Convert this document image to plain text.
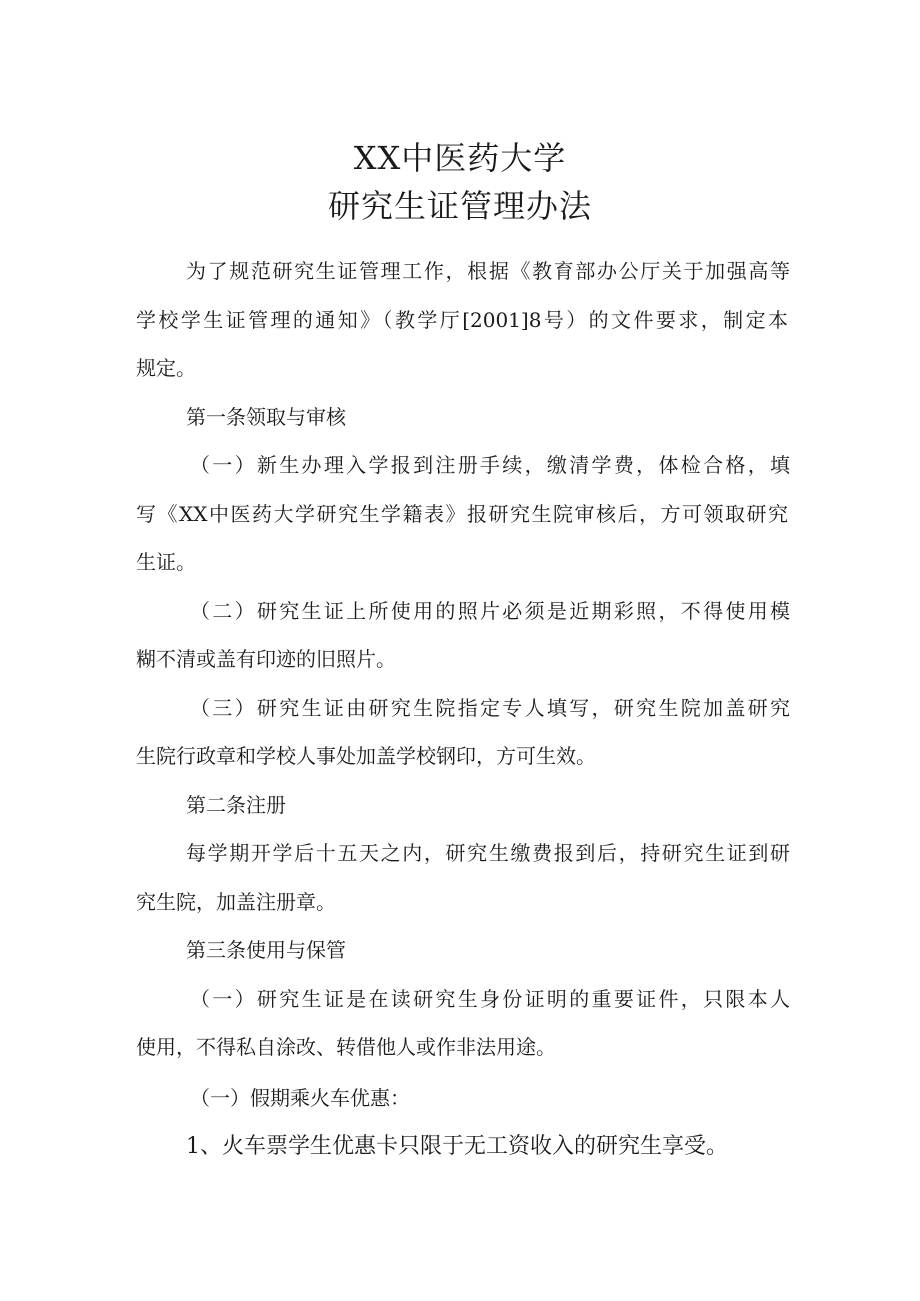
XX中医药大学
研究生证管理办法

为了规范研究生证管理工作，根据《教育部办公厅关于加强高等

学校学生证管理的通知》（教学厅[2001]8号）的文件要求，制定本

规定。

第一条领取与审核

（一）新生办理入学报到注册手续，缴清学费，体检合格，填

写《XX中医药大学研究生学籍表》报研究生院审核后，方可领取研究

生证。

（二）研究生证上所使用的照片必须是近期彩照，不得使用模

糊不清或盖有印迹的旧照片。

（三）研究生证由研究生院指定专人填写，研究生院加盖研究

生院行政章和学校人事处加盖学校钢印，方可生效。

第二条注册

每学期开学后十五天之内，研究生缴费报到后，持研究生证到研

究生院，加盖注册章。

第三条使用与保管

（一）研究生证是在读研究生身份证明的重要证件，只限本人

使用，不得私自涂改、转借他人或作非法用途。

（一）假期乘火车优惠：

1、火车票学生优惠卡只限于无工资收入的研究生享受。
